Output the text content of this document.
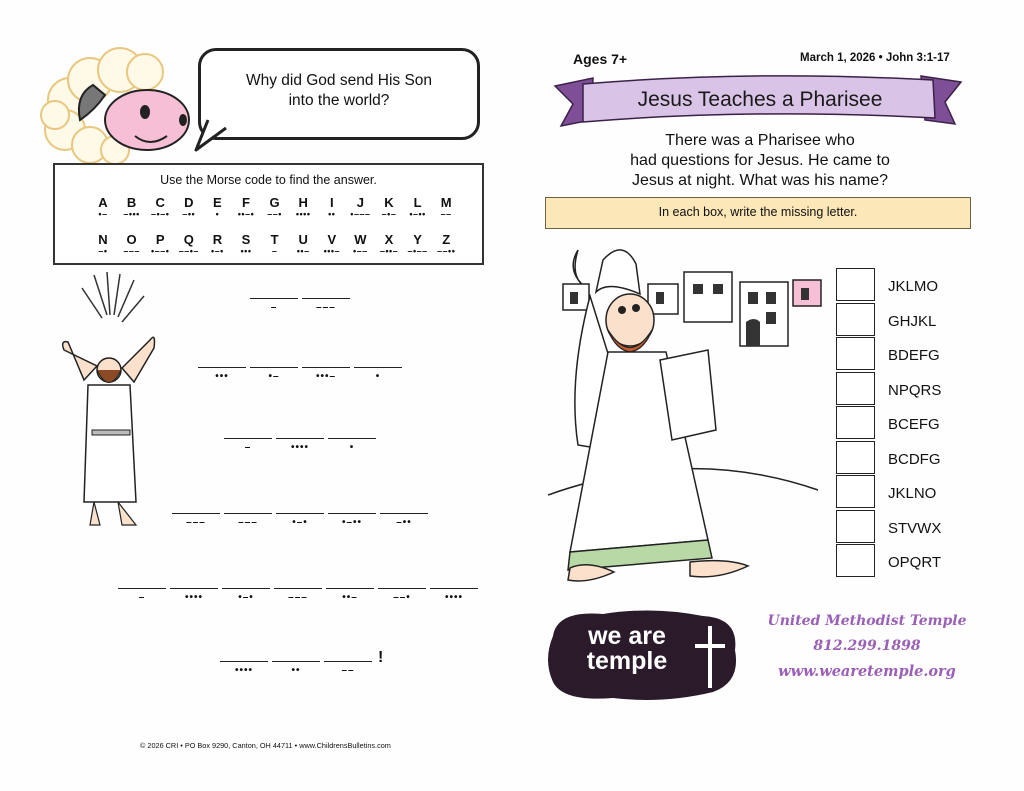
Why did God send His Son
into the world?
Use the Morse code to find the answer.
A
•–
B
–•••
C
–•–•
D
–••
E
•
F
••–•
G
––•
H
••••
I
••
J
•–––
K
–•–
L
•–••
M
––
N
–•
O
–––
P
•––•
Q
––•–
R
•–•
S
•••
T
–
U
••–
V
•••–
W
•––
X
–••–
Y
–•––
Z
––••
–	–––
•••	•–	•••–	•
–	••••	•
–––	–––	•–•	•–••	–••
–	••••	•–•	–––	••–	––•	••••
••••	••	––
!
© 2026 CRI • PO Box 9290, Canton, OH 44711 • www.ChildrensBulletins.com
Ages 7+	March 1, 2026 • John 3:1-17
Jesus Teaches a Pharisee
There was a Pharisee who
had questions for Jesus. He came to
Jesus at night. What was his name?
In each box, write the missing letter.
JKLMO
GHJKL
BDEFG
NPQRS
BCEFG
BCDFG
JKLNO
STVWX
OPQRT
we are
temple
United Methodist Temple
812.299.1898
www.wearetemple.org
